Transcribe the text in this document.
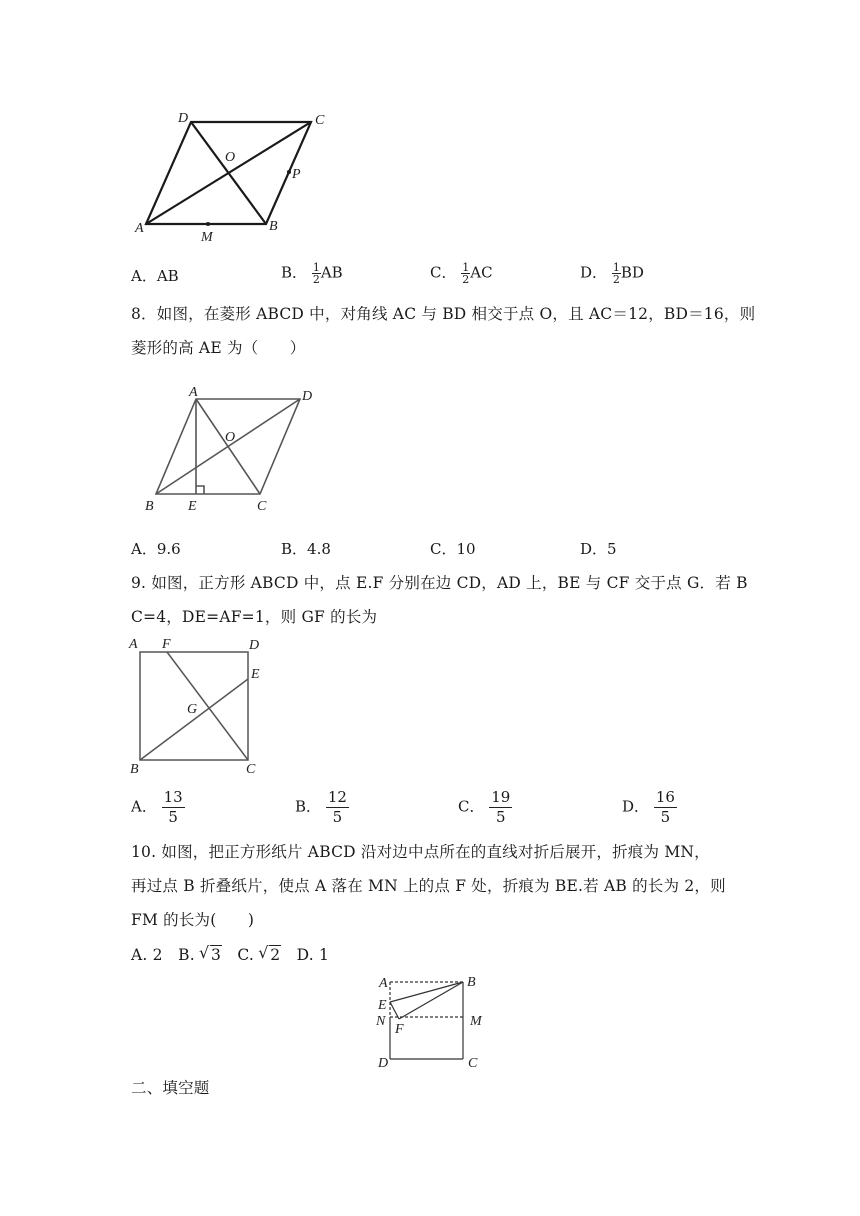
D	C
O
P
A
M
B
A．AB	B． $\frac{1}{2}$ AB	C． $\frac{1}{2}$ AC	D． $\frac{1}{2}$ BD
8．如图，在菱形 ABCD 中，对角线 AC 与 BD 相交于点 O，且 AC＝12，BD＝16，则
菱形的高 AE 为（　　）
A	D
O
B E	C
A．9.6	B．4.8	C．10	D．5
9. 如图，正方形 ABCD 中，点 E.F 分别在边 CD，AD 上，BE 与 CF 交于点 G．若 B
C=4，DE=AF=1，则 GF 的长为
A F	D
E
G
B	C
A． $\frac{13}{5}$	B． $\frac{12}{5}$	C． $\frac{19}{5}$	D． $\frac{16}{5}$
10. 如图，把正方形纸片 ABCD 沿对边中点所在的直线对折后展开，折痕为 MN，
再过点 B 折叠纸片，使点 A 落在 MN 上的点 F 处，折痕为 BE.若 AB 的长为 2，则
FM 的长为(　　)
A. 2 B. √ 3 C. √ 2 D. 1
A	B
E
N
F
M
D	C
二、填空题
